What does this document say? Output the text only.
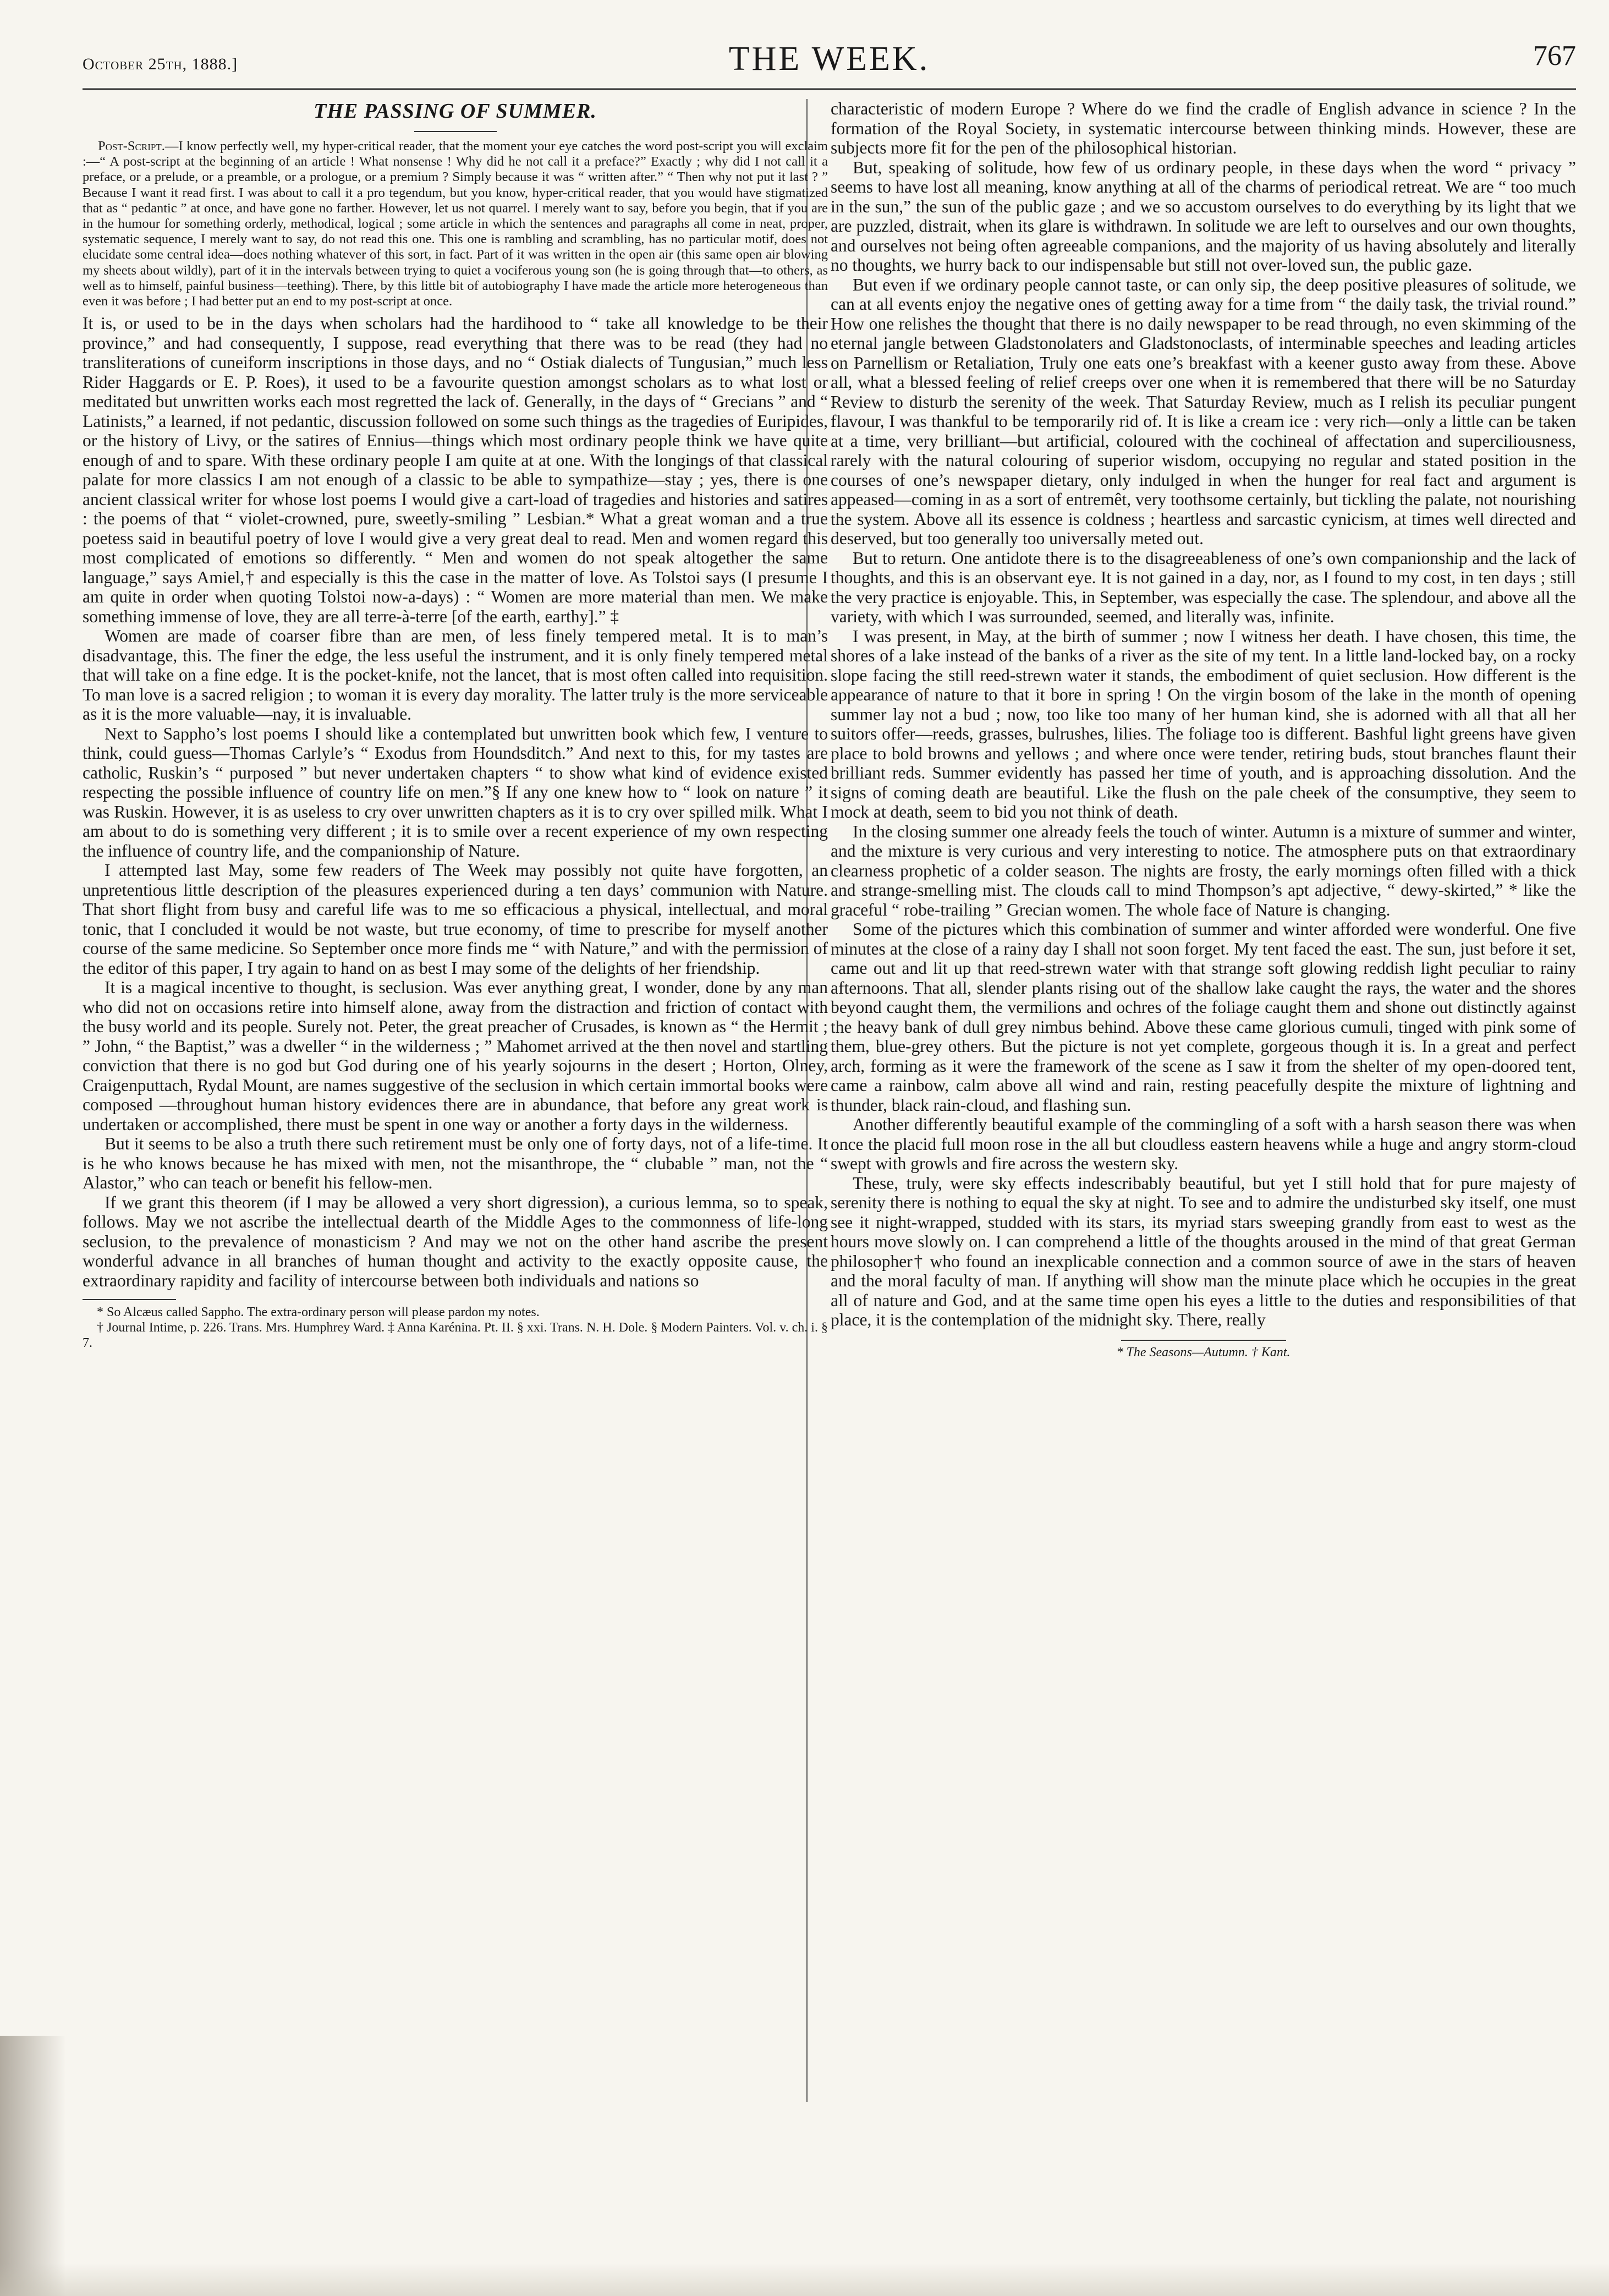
October 25th, 1888.]	THE WEEK.	767
THE PASSING OF SUMMER.

Post-Script.—I know perfectly well, my hyper-critical reader, that the moment your eye catches the word post-script you will exclaim :—“ A post-script at the beginning of an article ! What nonsense ! Why did he not call it a preface?” Exactly ; why did I not call it a preface, or a prelude, or a preamble, or a prologue, or a premium ? Simply because it was “ written after.” “ Then why not put it last ? ” Because I want it read first. I was about to call it a pro tegendum, but you know, hyper-critical reader, that you would have stigmatized that as “ pedantic ” at once, and have gone no farther. However, let us not quarrel. I merely want to say, before you begin, that if you are in the humour for something orderly, methodical, logical ; some article in which the sentences and paragraphs all come in neat, proper, systematic sequence, I merely want to say, do not read this one. This one is rambling and scrambling, has no particular motif, does not elucidate some central idea—does nothing whatever of this sort, in fact. Part of it was written in the open air (this same open air blowing my sheets about wildly), part of it in the intervals between trying to quiet a vociferous young son (he is going through that—to others, as well as to himself, painful business—teething). There, by this little bit of autobiography I have made the article more heterogeneous than even it was before ; I had better put an end to my post-script at once.

It is, or used to be in the days when scholars had the hardihood to “ take all knowledge to be their province,” and had consequently, I suppose, read everything that there was to be read (they had no transliterations of cuneiform inscriptions in those days, and no “ Ostiak dialects of Tungusian,” much less Rider Haggards or E. P. Roes), it used to be a favourite question amongst scholars as to what lost or meditated but unwritten works each most regretted the lack of. Generally, in the days of “ Grecians ” and “ Latinists,” a learned, if not pedantic, discussion followed on some such things as the tragedies of Euripides, or the history of Livy, or the satires of Ennius—things which most ordinary people think we have quite enough of and to spare. With these ordinary people I am quite at at one. With the longings of that classical palate for more classics I am not enough of a classic to be able to sympathize—stay ; yes, there is one ancient classical writer for whose lost poems I would give a cart-load of tragedies and histories and satires : the poems of that “ violet-crowned, pure, sweetly-smiling ” Lesbian.* What a great woman and a true poetess said in beautiful poetry of love I would give a very great deal to read. Men and women regard this most complicated of emotions so differently. “ Men and women do not speak altogether the same language,” says Amiel,† and especially is this the case in the matter of love. As Tolstoi says (I presume I am quite in order when quoting Tolstoi now-a-days) : “ Women are more material than men. We make something immense of love, they are all terre-à-terre [of the earth, earthy].” ‡

Women are made of coarser fibre than are men, of less finely tempered metal. It is to man’s disadvantage, this. The finer the edge, the less useful the instrument, and it is only finely tempered metal that will take on a fine edge. It is the pocket-knife, not the lancet, that is most often called into requisition. To man love is a sacred religion ; to woman it is every day morality. The latter truly is the more serviceable as it is the more valuable—nay, it is invaluable.

Next to Sappho’s lost poems I should like a contemplated but unwritten book which few, I venture to think, could guess—Thomas Carlyle’s “ Exodus from Houndsditch.” And next to this, for my tastes are catholic, Ruskin’s “ purposed ” but never undertaken chapters “ to show what kind of evidence existed respecting the possible influence of country life on men.”§ If any one knew how to “ look on nature ” it was Ruskin. However, it is as useless to cry over unwritten chapters as it is to cry over spilled milk. What I am about to do is something very different ; it is to smile over a recent experience of my own respecting the influence of country life, and the companionship of Nature.

I attempted last May, some few readers of The Week may possibly not quite have forgotten, an unpretentious little description of the pleasures experienced during a ten days’ communion with Nature. That short flight from busy and careful life was to me so efficacious a physical, intellectual, and moral tonic, that I concluded it would be not waste, but true economy, of time to prescribe for myself another course of the same medicine. So September once more finds me “ with Nature,” and with the permission of the editor of this paper, I try again to hand on as best I may some of the delights of her friendship.

It is a magical incentive to thought, is seclusion. Was ever anything great, I wonder, done by any man who did not on occasions retire into himself alone, away from the distraction and friction of contact with the busy world and its people. Surely not. Peter, the great preacher of Crusades, is known as “ the Hermit ; ” John, “ the Baptist,” was a dweller “ in the wilderness ; ” Mahomet arrived at the then novel and startling conviction that there is no god but God during one of his yearly sojourns in the desert ; Horton, Olney, Craigenputtach, Rydal Mount, are names suggestive of the seclusion in which certain immortal books were composed —throughout human history evidences there are in abundance, that before any great work is undertaken or accomplished, there must be spent in one way or another a forty days in the wilderness.

But it seems to be also a truth there such retirement must be only one of forty days, not of a life-time. It is he who knows because he has mixed with men, not the misanthrope, the “ clubable ” man, not the “ Alastor,” who can teach or benefit his fellow-men.

If we grant this theorem (if I may be allowed a very short digression), a curious lemma, so to speak, follows. May we not ascribe the intellectual dearth of the Middle Ages to the commonness of life-long seclusion, to the prevalence of monasticism ? And may we not on the other hand ascribe the present wonderful advance in all branches of human thought and activity to the exactly opposite cause, the extraordinary rapidity and facility of intercourse between both individuals and nations so

* So Alcæus called Sappho. The extra-ordinary person will please pardon my notes.

† Journal Intime, p. 226. Trans. Mrs. Humphrey Ward. ‡ Anna Karénina. Pt. II. § xxi. Trans. N. H. Dole. § Modern Painters. Vol. v. ch. i. § 7.

characteristic of modern Europe ? Where do we find the cradle of English advance in science ? In the formation of the Royal Society, in systematic intercourse between thinking minds. However, these are subjects more fit for the pen of the philosophical historian.

But, speaking of solitude, how few of us ordinary people, in these days when the word “ privacy ” seems to have lost all meaning, know anything at all of the charms of periodical retreat. We are “ too much in the sun,” the sun of the public gaze ; and we so accustom ourselves to do everything by its light that we are puzzled, distrait, when its glare is withdrawn. In solitude we are left to ourselves and our own thoughts, and ourselves not being often agreeable companions, and the majority of us having absolutely and literally no thoughts, we hurry back to our indispensable but still not over-loved sun, the public gaze.

But even if we ordinary people cannot taste, or can only sip, the deep positive pleasures of solitude, we can at all events enjoy the negative ones of getting away for a time from “ the daily task, the trivial round.” How one relishes the thought that there is no daily newspaper to be read through, no even skimming of the eternal jangle between Gladstonolaters and Gladstonoclasts, of interminable speeches and leading articles on Parnellism or Retaliation, Truly one eats one’s breakfast with a keener gusto away from these. Above all, what a blessed feeling of relief creeps over one when it is remembered that there will be no Saturday Review to disturb the serenity of the week. That Saturday Review, much as I relish its peculiar pungent flavour, I was thankful to be temporarily rid of. It is like a cream ice : very rich—only a little can be taken at a time, very brilliant—but artificial, coloured with the cochineal of affectation and superciliousness, rarely with the natural colouring of superior wisdom, occupying no regular and stated position in the courses of one’s newspaper dietary, only indulged in when the hunger for real fact and argument is appeased—coming in as a sort of entremêt, very toothsome certainly, but tickling the palate, not nourishing the system. Above all its essence is coldness ; heartless and sarcastic cynicism, at times well directed and deserved, but too generally too universally meted out.

But to return. One antidote there is to the disagreeableness of one’s own companionship and the lack of thoughts, and this is an observant eye. It is not gained in a day, nor, as I found to my cost, in ten days ; still the very practice is enjoyable. This, in September, was especially the case. The splendour, and above all the variety, with which I was surrounded, seemed, and literally was, infinite.

I was present, in May, at the birth of summer ; now I witness her death. I have chosen, this time, the shores of a lake instead of the banks of a river as the site of my tent. In a little land-locked bay, on a rocky slope facing the still reed-strewn water it stands, the embodiment of quiet seclusion. How different is the appearance of nature to that it bore in spring ! On the virgin bosom of the lake in the month of opening summer lay not a bud ; now, too like too many of her human kind, she is adorned with all that all her suitors offer—reeds, grasses, bulrushes, lilies. The foliage too is different. Bashful light greens have given place to bold browns and yellows ; and where once were tender, retiring buds, stout branches flaunt their brilliant reds. Summer evidently has passed her time of youth, and is approaching dissolution. And the signs of coming death are beautiful. Like the flush on the pale cheek of the consumptive, they seem to mock at death, seem to bid you not think of death.

In the closing summer one already feels the touch of winter. Autumn is a mixture of summer and winter, and the mixture is very curious and very interesting to notice. The atmosphere puts on that extraordinary clearness prophetic of a colder season. The nights are frosty, the early mornings often filled with a thick and strange-smelling mist. The clouds call to mind Thompson’s apt adjective, “ dewy-skirted,” * like the graceful “ robe-trailing ” Grecian women. The whole face of Nature is changing.

Some of the pictures which this combination of summer and winter afforded were wonderful. One five minutes at the close of a rainy day I shall not soon forget. My tent faced the east. The sun, just before it set, came out and lit up that reed-strewn water with that strange soft glowing reddish light peculiar to rainy afternoons. That all, slender plants rising out of the shallow lake caught the rays, the water and the shores beyond caught them, the vermilions and ochres of the foliage caught them and shone out distinctly against the heavy bank of dull grey nimbus behind. Above these came glorious cumuli, tinged with pink some of them, blue-grey others. But the picture is not yet complete, gorgeous though it is. In a great and perfect arch, forming as it were the framework of the scene as I saw it from the shelter of my open-doored tent, came a rainbow, calm above all wind and rain, resting peacefully despite the mixture of lightning and thunder, black rain-cloud, and flashing sun.

Another differently beautiful example of the commingling of a soft with a harsh season there was when once the placid full moon rose in the all but cloudless eastern heavens while a huge and angry storm-cloud swept with growls and fire across the western sky.

These, truly, were sky effects indescribably beautiful, but yet I still hold that for pure majesty of serenity there is nothing to equal the sky at night. To see and to admire the undisturbed sky itself, one must see it night-wrapped, studded with its stars, its myriad stars sweeping grandly from east to west as the hours move slowly on. I can comprehend a little of the thoughts aroused in the mind of that great German philosopher† who found an inexplicable connection and a common source of awe in the stars of heaven and the moral faculty of man. If anything will show man the minute place which he occupies in the great all of nature and God, and at the same time open his eyes a little to the duties and responsibilities of that place, it is the contemplation of the midnight sky. There, really

* The Seasons—Autumn. † Kant.
